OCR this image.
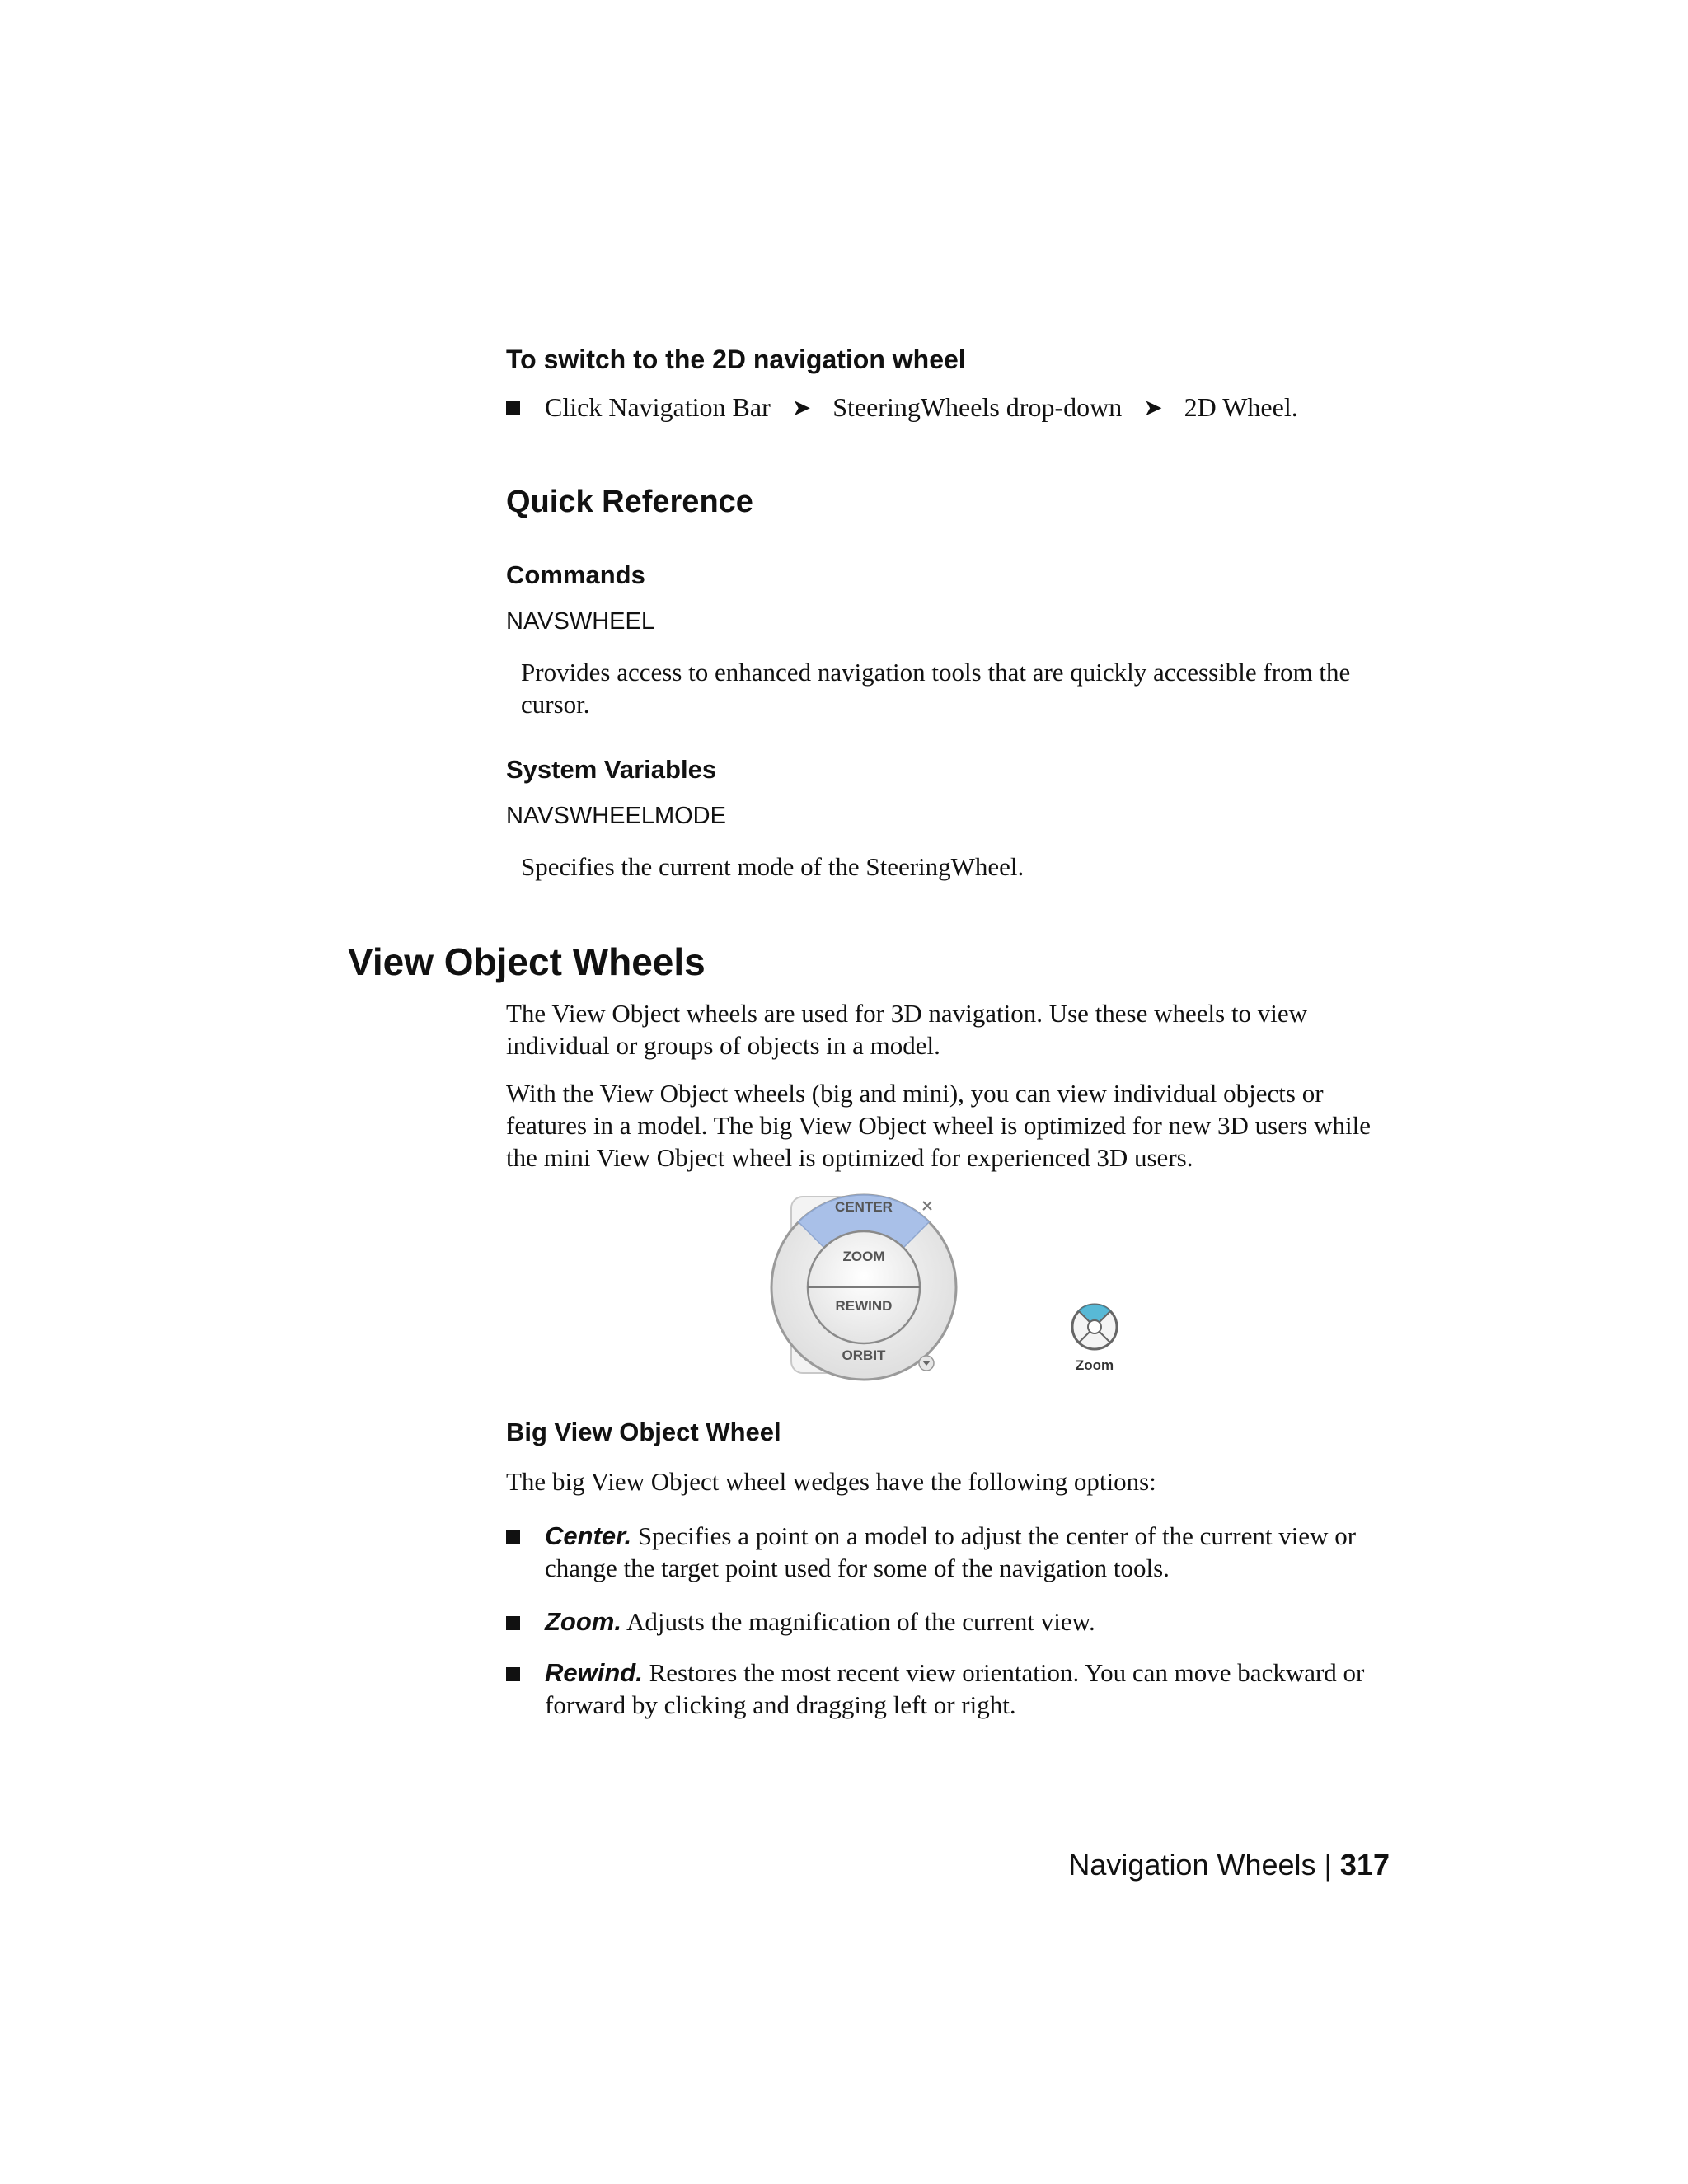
To switch to the 2D navigation wheel

Click Navigation Bar ➤ SteeringWheels drop-down ➤ 2D Wheel.
Quick Reference

Commands

NAVSWHEEL

Provides access to enhanced navigation tools that are quickly accessible from the cursor.

System Variables

NAVSWHEELMODE

Specifies the current mode of the SteeringWheel.

View Object Wheels

The View Object wheels are used for 3D navigation. Use these wheels to view individual or groups of objects in a model.

With the View Object wheels (big and mini), you can view individual objects or features in a model. The big View Object wheel is optimized for new 3D users while the mini View Object wheel is optimized for experienced 3D users.

CENTER
ZOOM
REWIND
ORBIT
Zoom

Big View Object Wheel

The big View Object wheel wedges have the following options:

Center. Specifies a point on a model to adjust the center of the current view or change the target point used for some of the navigation tools.
Zoom. Adjusts the magnification of the current view.
Rewind. Restores the most recent view orientation. You can move backward or forward by clicking and dragging left or right.

Navigation Wheels | 317
